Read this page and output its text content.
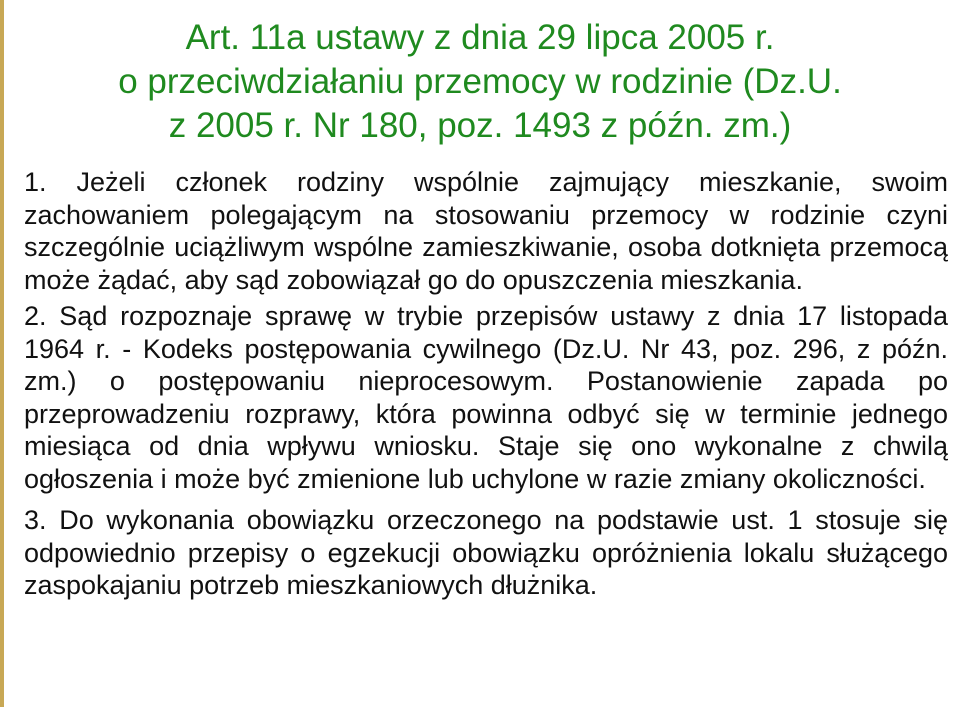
Art. 11a ustawy z dnia 29 lipca 2005 r.
o przeciwdziałaniu przemocy w rodzinie (Dz.U.
z 2005 r. Nr 180, poz. 1493 z późn. zm.)

1. Jeżeli członek rodziny wspólnie zajmujący mieszkanie, swoim zachowaniem polegającym na stosowaniu przemocy w rodzinie czyni szczególnie uciążliwym wspólne zamieszkiwanie, osoba dotknięta przemocą może żądać, aby sąd zobowiązał go do opuszczenia mieszkania.

2. Sąd rozpoznaje sprawę w trybie przepisów ustawy z dnia 17 listopada 1964 r. - Kodeks postępowania cywilnego (Dz.U. Nr 43, poz. 296, z późn. zm.) o postępowaniu nieprocesowym. Postanowienie zapada po przeprowadzeniu rozprawy, która powinna odbyć się w terminie jednego miesiąca od dnia wpływu wniosku. Staje się ono wykonalne z chwilą ogłoszenia i może być zmienione lub uchylone w razie zmiany okoliczności.

3. Do wykonania obowiązku orzeczonego na podstawie ust. 1 stosuje się odpowiednio przepisy o egzekucji obowiązku opróżnienia lokalu służącego zaspokajaniu potrzeb mieszkaniowych dłużnika.
